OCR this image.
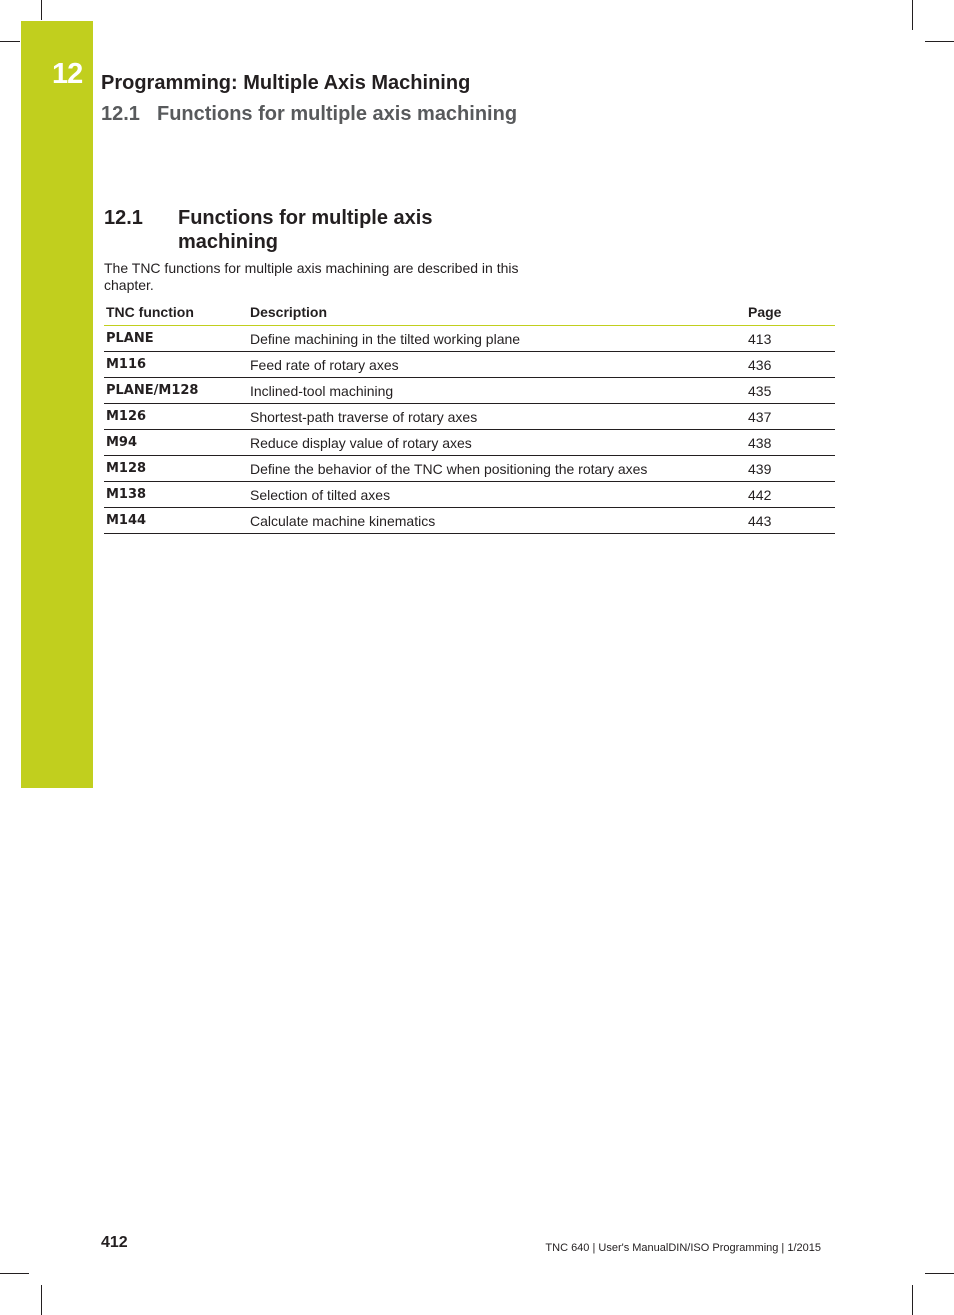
12 Programming: Multiple Axis Machining
12.1 Functions for multiple axis machining
12.1 Functions for multiple axis machining
The TNC functions for multiple axis machining are described in this chapter.
TNC function	Description	Page
PLANE	Define machining in the tilted working plane	413
M116	Feed rate of rotary axes	436
PLANE/M128	Inclined-tool machining	435
M126	Shortest-path traverse of rotary axes	437
M94	Reduce display value of rotary axes	438
M128	Define the behavior of the TNC when positioning the rotary axes	439
M138	Selection of tilted axes	442
M144	Calculate machine kinematics	443
412	TNC 640 | User's ManualDIN/ISO Programming | 1/2015
